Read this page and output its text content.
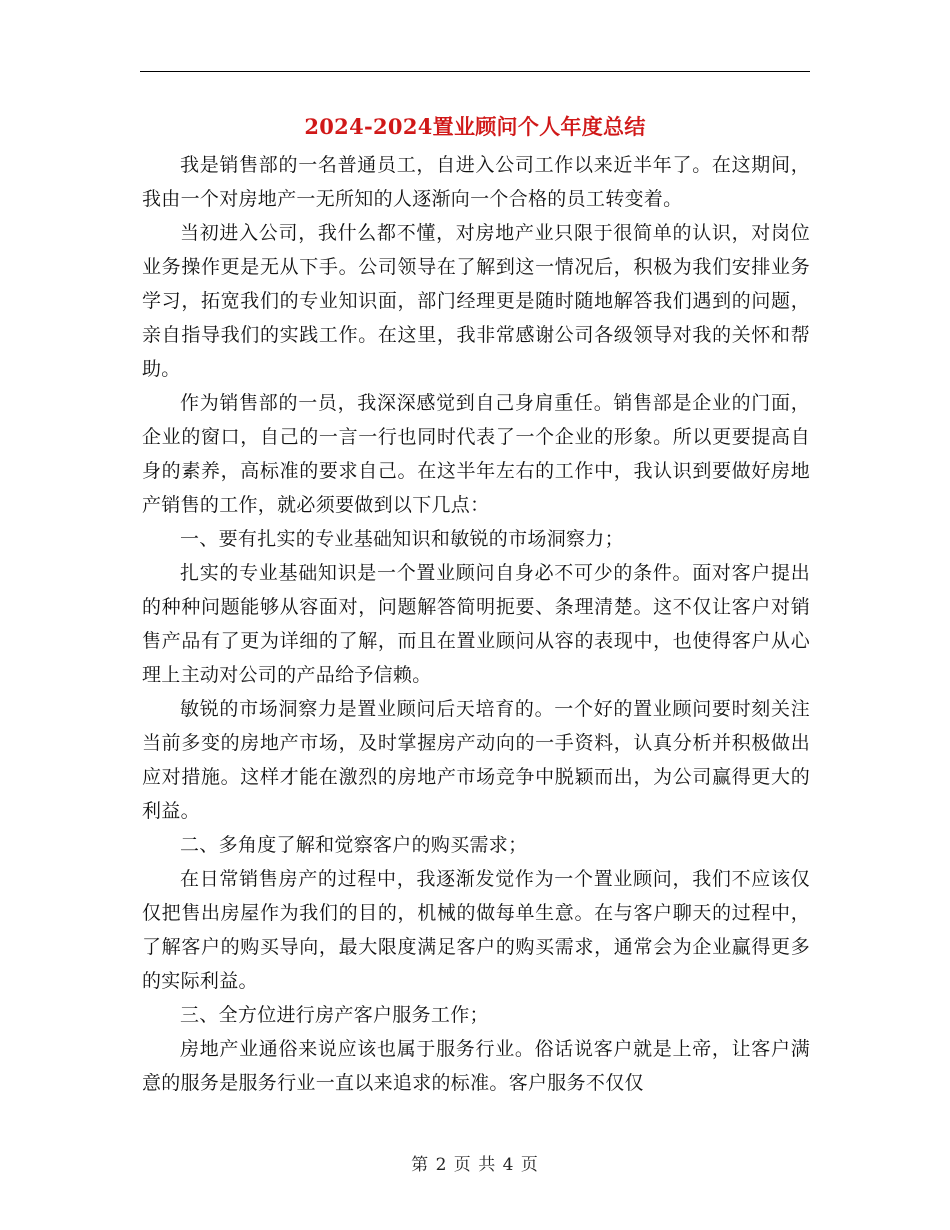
2024-2024置业顾问个人年度总结

我是销售部的一名普通员工，自进入公司工作以来近半年了。在这期间，我由一个对房地产一无所知的人逐渐向一个合格的员工转变着。

当初进入公司，我什么都不懂，对房地产业只限于很简单的认识，对岗位业务操作更是无从下手。公司领导在了解到这一情况后，积极为我们安排业务学习，拓宽我们的专业知识面，部门经理更是随时随地解答我们遇到的问题，亲自指导我们的实践工作。在这里，我非常感谢公司各级领导对我的关怀和帮助。

作为销售部的一员，我深深感觉到自己身肩重任。销售部是企业的门面，企业的窗口，自己的一言一行也同时代表了一个企业的形象。所以更要提高自身的素养，高标准的要求自己。在这半年左右的工作中，我认识到要做好房地产销售的工作，就必须要做到以下几点：

一、要有扎实的专业基础知识和敏锐的市场洞察力；

扎实的专业基础知识是一个置业顾问自身必不可少的条件。面对客户提出的种种问题能够从容面对，问题解答简明扼要、条理清楚。这不仅让客户对销售产品有了更为详细的了解，而且在置业顾问从容的表现中，也使得客户从心理上主动对公司的产品给予信赖。

敏锐的市场洞察力是置业顾问后天培育的。一个好的置业顾问要时刻关注当前多变的房地产市场，及时掌握房产动向的一手资料，认真分析并积极做出应对措施。这样才能在激烈的房地产市场竞争中脱颖而出，为公司赢得更大的利益。

二、多角度了解和觉察客户的购买需求；

在日常销售房产的过程中，我逐渐发觉作为一个置业顾问，我们不应该仅仅把售出房屋作为我们的目的，机械的做每单生意。在与客户聊天的过程中，了解客户的购买导向，最大限度满足客户的购买需求，通常会为企业赢得更多的实际利益。

三、全方位进行房产客户服务工作；

房地产业通俗来说应该也属于服务行业。俗话说客户就是上帝，让客户满意的服务是服务行业一直以来追求的标准。客户服务不仅仅

第 2 页 共 4 页
